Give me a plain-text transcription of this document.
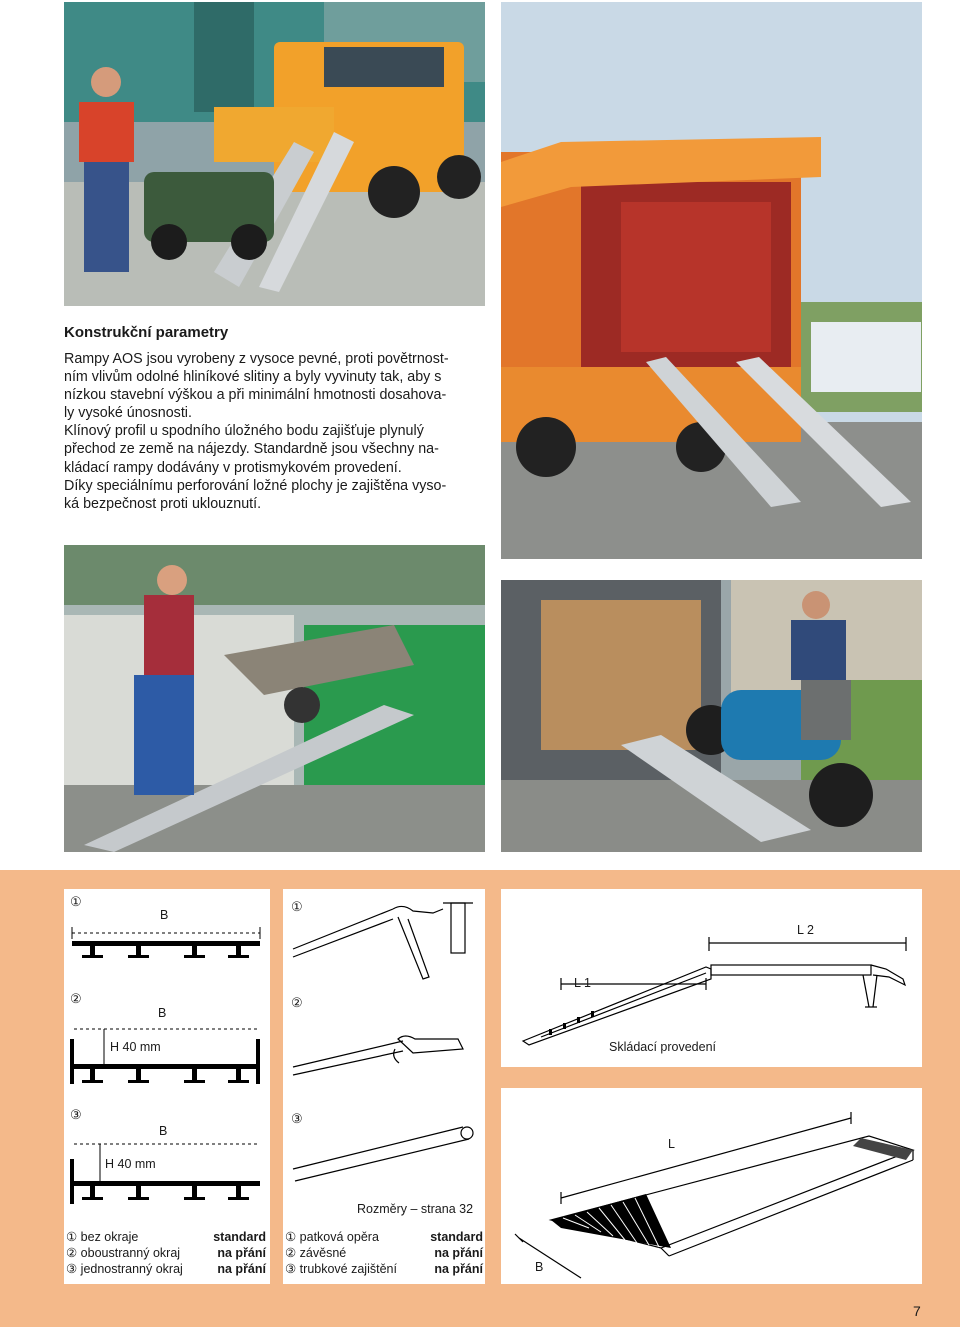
Konstrukční parametry
Rampy AOS jsou vyrobeny z vysoce pevné, proti povětrnost-
ním vlivům odolné hliníkové slitiny a byly vyvinuty tak, aby s
nízkou stavební výškou a při minimální hmotnosti dosahova-
ly vysoké únosnosti.
Klínový profil u spodního úložného bodu zajišťuje plynulý
přechod ze země na nájezdy. Standardně jsou všechny na-
kládací rampy dodávány v protismykovém provedení.
Díky speciálnímu perforování ložné plochy je zajištěna vyso-
ká bezpečnost proti uklouznutí.
①
B
②
B
H 40 mm
③
B
H 40 mm
① bez okraje	standard
② oboustranný okraj	na přání
③ jednostranný okraj	na přání
①
②
③
Rozměry – strana 32
① patková opěra	standard
② závěsné	na přání
③ trubkové zajištění	na přání
L 2
L 1
Skládací provedení
L
B
7
